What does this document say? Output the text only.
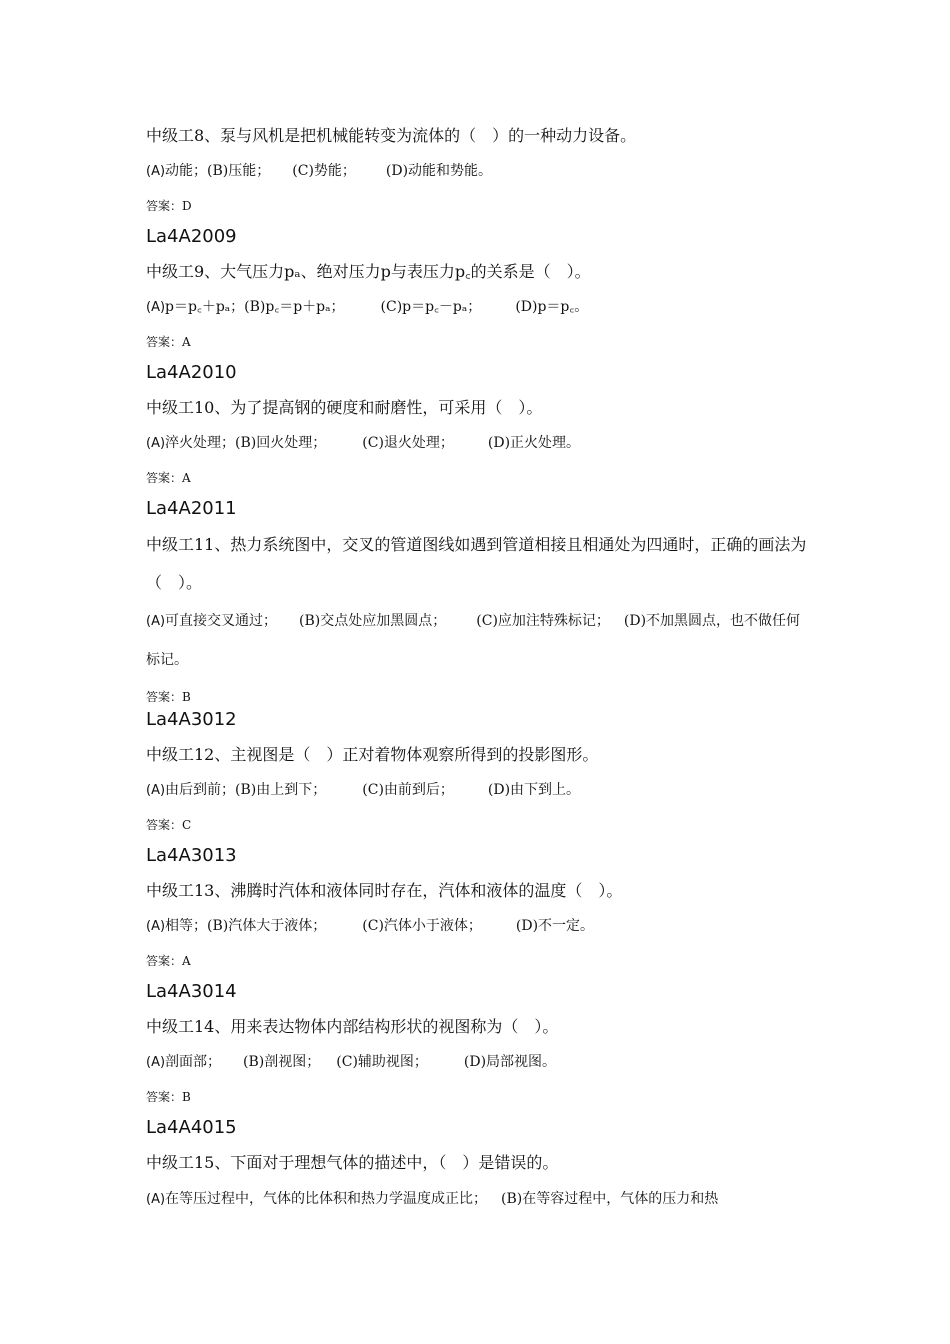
中级工8、泵与风机是把机械能转变为流体的（　）的一种动力设备。

(A)动能；(B)压能； (C)势能； (D)动能和势能。

答案：D

La4A2009

中级工9、大气压力pₐ、绝对压力p与表压力p꜀的关系是（　）。

(A)p＝p꜀＋pₐ；(B)p꜀＝p＋pₐ；	(C)p＝p꜀－pₐ； (D)p＝p꜀。

答案：A

La4A2010

中级工10、为了提高钢的硬度和耐磨性，可采用（　）。

(A)淬火处理；(B)回火处理；	(C)退火处理； (D)正火处理。

答案：A

La4A2011

中级工11、热力系统图中，交叉的管道图线如遇到管道相接且相通处为四通时，正确的画法为（　）。

(A)可直接交叉通过； (B)交点处应加黑圆点； (C)应加注特殊标记； (D)不加黑圆点，也不做任何标记。

答案：B

La4A3012

中级工12、主视图是（　）正对着物体观察所得到的投影图形。

(A)由后到前；(B)由上到下；	(C)由前到后； (D)由下到上。

答案：C

La4A3013

中级工13、沸腾时汽体和液体同时存在，汽体和液体的温度（　）。

(A)相等；(B)汽体大于液体；	(C)汽体小于液体； (D)不一定。

答案：A

La4A3014

中级工14、用来表达物体内部结构形状的视图称为（　）。

(A)剖面部； (B)剖视图； (C)辅助视图；	(D)局部视图。

答案：B

La4A4015

中级工15、下面对于理想气体的描述中，（　）是错误的。

(A)在等压过程中，气体的比体积和热力学温度成正比； (B)在等容过程中，气体的压力和热
